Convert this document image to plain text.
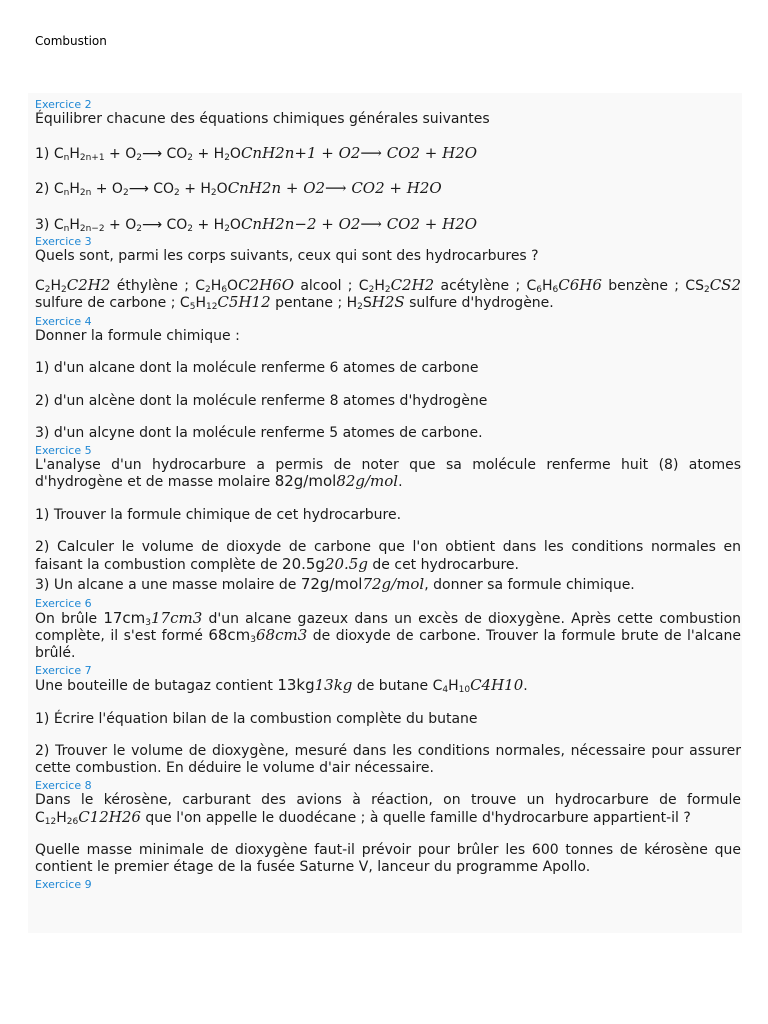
Combustion
Exercice 2

Équilibrer chacune des équations chimiques générales suivantes

1) $C_nH_{2n+1}$ + $O_2⟶$ $CO_2$ + $H_2OCnH2n+1$ + O2⟶ CO2 + H2O

2) $C_nH_{2n}$ + $O_2⟶$ $CO_2$ + $H_2OCnH2n$ + O2⟶ CO2 + H2O

3) $C_nH_{2n-2}$ + $O_2⟶$ $CO_2$ + $H_2OCnH2n-2$ + O2⟶ CO2 + H2O

Exercice 3

Quels sont, parmi les corps suivants, ceux qui sont des hydrocarbures ?

$C_2H_2C2H2$ éthylène ; $C_2H_6OC2H6O$ alcool ; $C_2H_2C2H2$ acétylène ; $C_6H_6C6H6$ benzène ; $CS_2CS2$ sulfure de carbone ; $C_5H_{12}C5H12$ pentane ; $H_2SH2S$ sulfure d'hydrogène.

Exercice 4

Donner la formule chimique :

1) d'un alcane dont la molécule renferme 6 atomes de carbone

2) d'un alcène dont la molécule renferme 8 atomes d'hydrogène

3) d'un alcyne dont la molécule renferme 5 atomes de carbone.

Exercice 5

L'analyse d'un hydrocarbure a permis de noter que sa molécule renferme huit (8) atomes d'hydrogène et de masse molaire 82g/mol82g/mol.

1) Trouver la formule chimique de cet hydrocarbure.

2) Calculer le volume de dioxyde de carbone que l'on obtient dans les conditions normales en faisant la combustion complète de 20.5g20.5g de cet hydrocarbure.

3) Un alcane a une masse molaire de 72g/mol72g/mol, donner sa formule chimique.

Exercice 6

On brûle $17cm_317cm3$ d'un alcane gazeux dans un excès de dioxygène. Après cette combustion complète, il s'est formé $68cm_368cm3$ de dioxyde de carbone. Trouver la formule brute de l'alcane brûlé.

Exercice 7

Une bouteille de butagaz contient 13kg13kg de butane $C_4H_{10}C4H10$.

1) Écrire l'équation bilan de la combustion complète du butane

2) Trouver le volume de dioxygène, mesuré dans les conditions normales, nécessaire pour assurer cette combustion. En déduire le volume d'air nécessaire.

Exercice 8

Dans le kérosène, carburant des avions à réaction, on trouve un hydrocarbure de formule $C_{12}H_{26}C12H26$ que l'on appelle le duodécane ; à quelle famille d'hydrocarbure appartient-il ?

Quelle masse minimale de dioxygène faut-il prévoir pour brûler les 600 tonnes de kérosène que contient le premier étage de la fusée Saturne V, lanceur du programme Apollo.

Exercice 9
